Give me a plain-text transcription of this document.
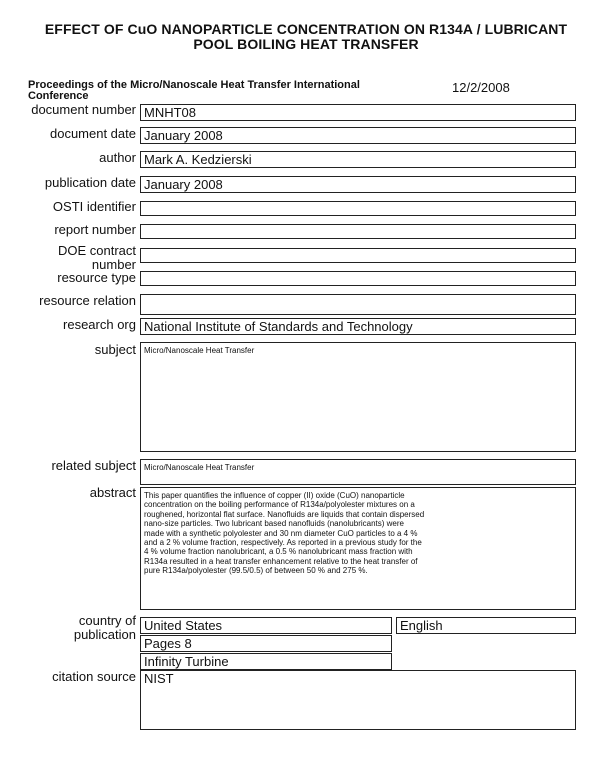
EFFECT OF CuO NANOPARTICLE CONCENTRATION ON R134A / LUBRICANT
POOL BOILING HEAT TRANSFER
Proceedings of the Micro/Nanoscale Heat Transfer International Conference
12/2/2008
document number MNHT08
document date January 2008
author Mark A. Kedzierski
publication date January 2008
OSTI identifier
report number
DOE contract
number
resource type
resource relation
research org National Institute of Standards and Technology
subject	Micro/Nanoscale Heat Transfer
related subject	Micro/Nanoscale Heat Transfer
abstract	This paper quantifies the influence of copper (II) oxide (CuO) nanoparticle concentration on the boiling performance of R134a/polyolester mixtures on a roughened, horizontal flat surface. Nanofluids are liquids that contain dispersed nano-size particles. Two lubricant based nanofluids (nanolubricants) were made with a synthetic polyolester and 30 nm diameter CuO particles to a 4 % and a 2 % volume fraction, respectively. As reported in a previous study for the 4 % volume fraction nanolubricant, a 0.5 % nanolubricant mass fraction with R134a resulted in a heat transfer enhancement relative to the heat transfer of pure R134a/polyolester (99.5/0.5) of between 50 % and 275 %.
country of
publication
United States	English
Pages 8
Infinity Turbine
citation source NIST
